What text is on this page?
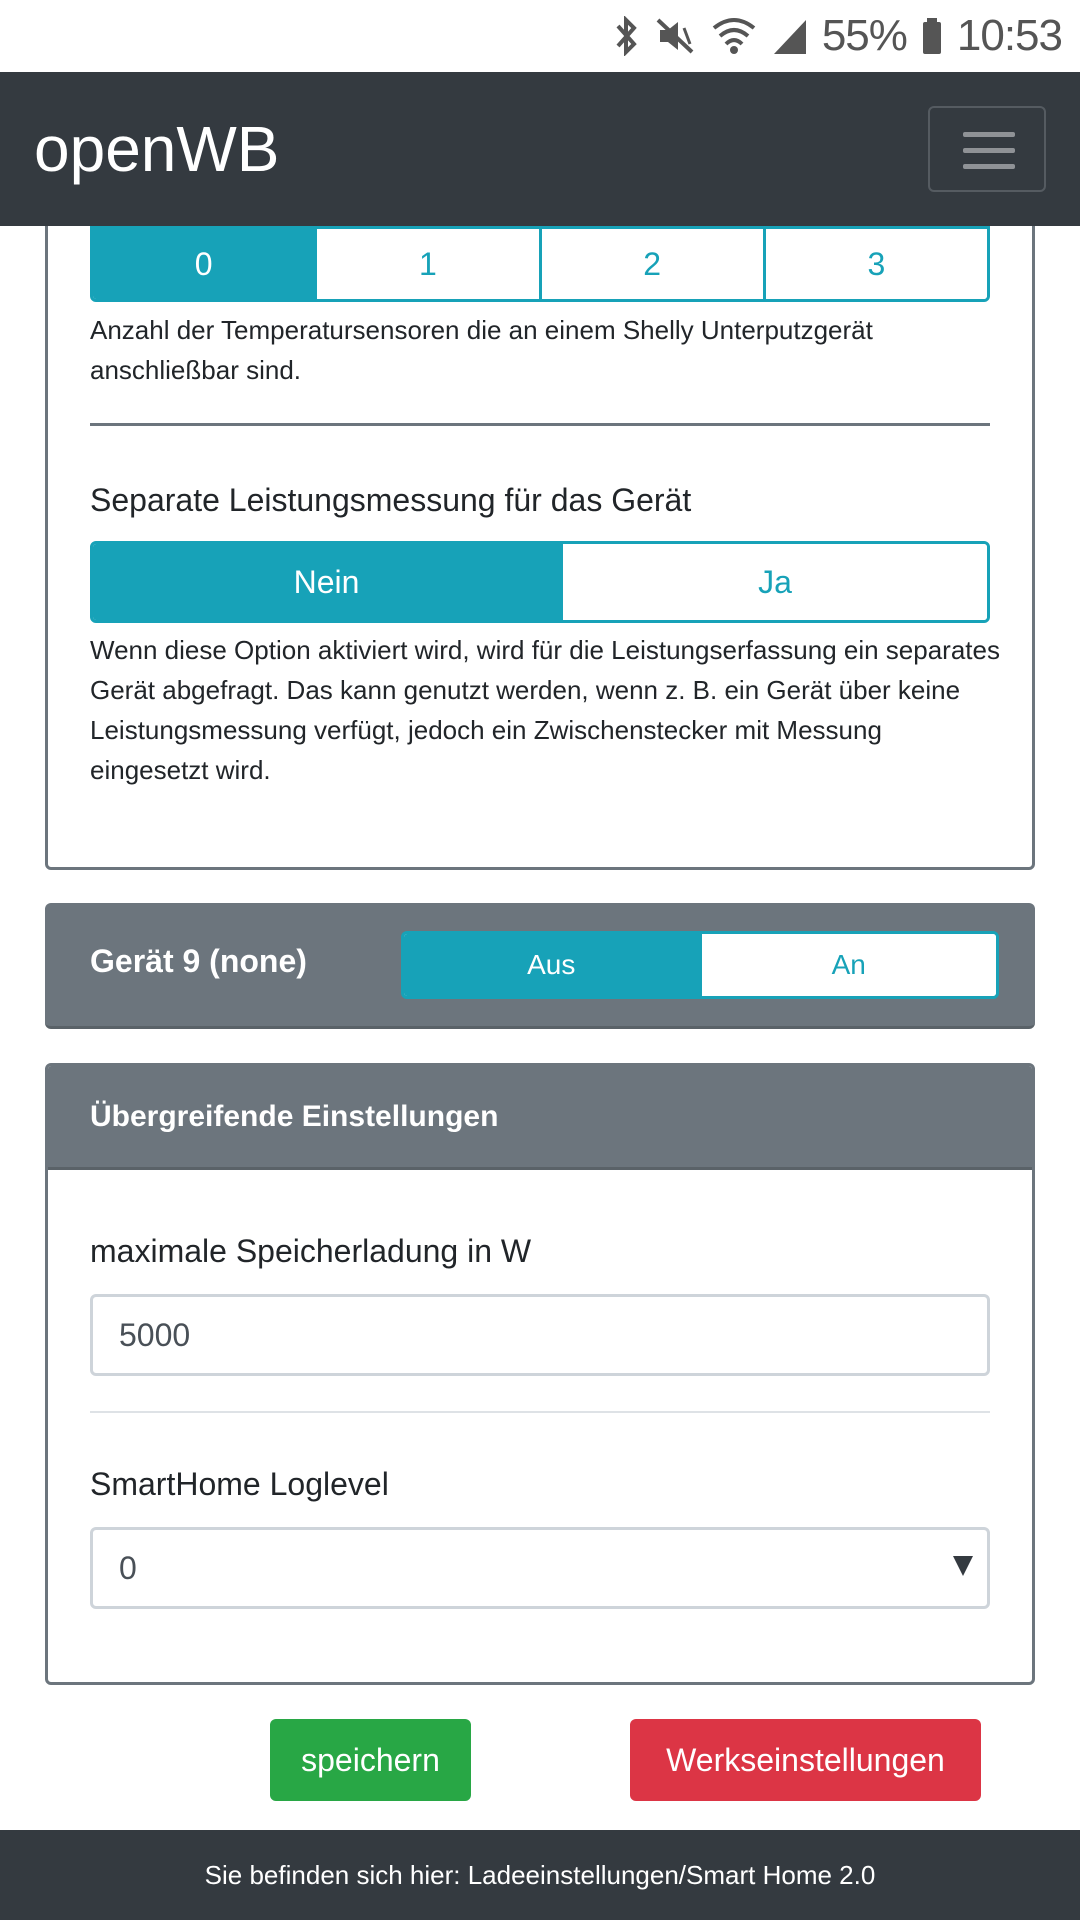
55% 10:53
openWB
0	1	2	3
Anzahl der Temperatursensoren die an einem Shelly Unterputzgerät anschließbar sind.
Separate Leistungsmessung für das Gerät
Nein	Ja
Wenn diese Option aktiviert wird, wird für die Leistungserfassung ein separates Gerät abgefragt. Das kann genutzt werden, wenn z. B. ein Gerät über keine Leistungsmessung verfügt, jedoch ein Zwischenstecker mit Messung eingesetzt wird.
Gerät 9 (none)	Aus	An
Übergreifende Einstellungen
maximale Speicherladung in W
5000
SmartHome Loglevel
0
speichern	Werkseinstellungen
Sie befinden sich hier: Ladeeinstellungen/Smart Home 2.0
